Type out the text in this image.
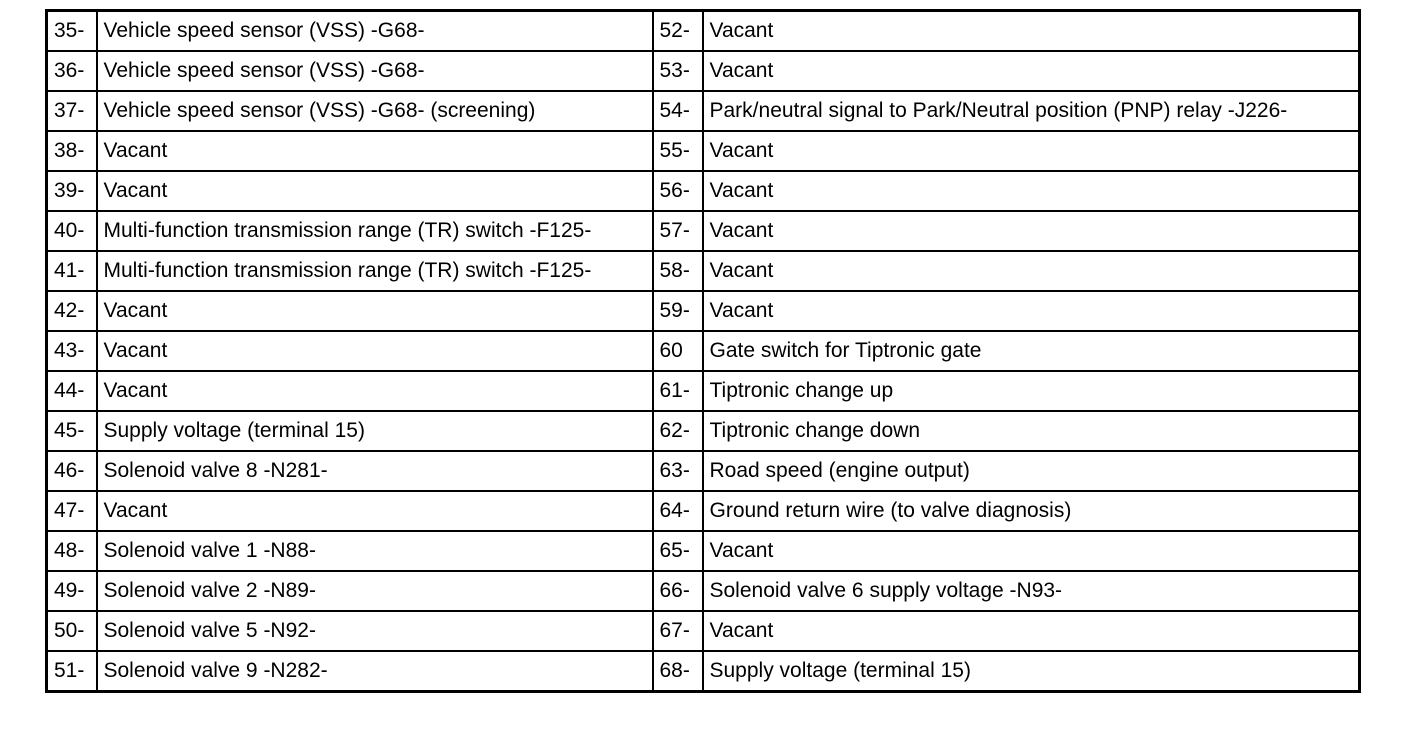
35-	Vehicle speed sensor (VSS) -G68-	52-	Vacant
36-	Vehicle speed sensor (VSS) -G68-	53-	Vacant
37-	Vehicle speed sensor (VSS) -G68- (screening)	54-	Park/neutral signal to Park/Neutral position (PNP) relay -J226-
38-	Vacant	55-	Vacant
39-	Vacant	56-	Vacant
40-	Multi-function transmission range (TR) switch -F125-	57-	Vacant
41-	Multi-function transmission range (TR) switch -F125-	58-	Vacant
42-	Vacant	59-	Vacant
43-	Vacant	60	Gate switch for Tiptronic gate
44-	Vacant	61-	Tiptronic change up
45-	Supply voltage (terminal 15)	62-	Tiptronic change down
46-	Solenoid valve 8 -N281-	63-	Road speed (engine output)
47-	Vacant	64-	Ground return wire (to valve diagnosis)
48-	Solenoid valve 1 -N88-	65-	Vacant
49-	Solenoid valve 2 -N89-	66-	Solenoid valve 6 supply voltage -N93-
50-	Solenoid valve 5 -N92-	67-	Vacant
51-	Solenoid valve 9 -N282-	68-	Supply voltage (terminal 15)
